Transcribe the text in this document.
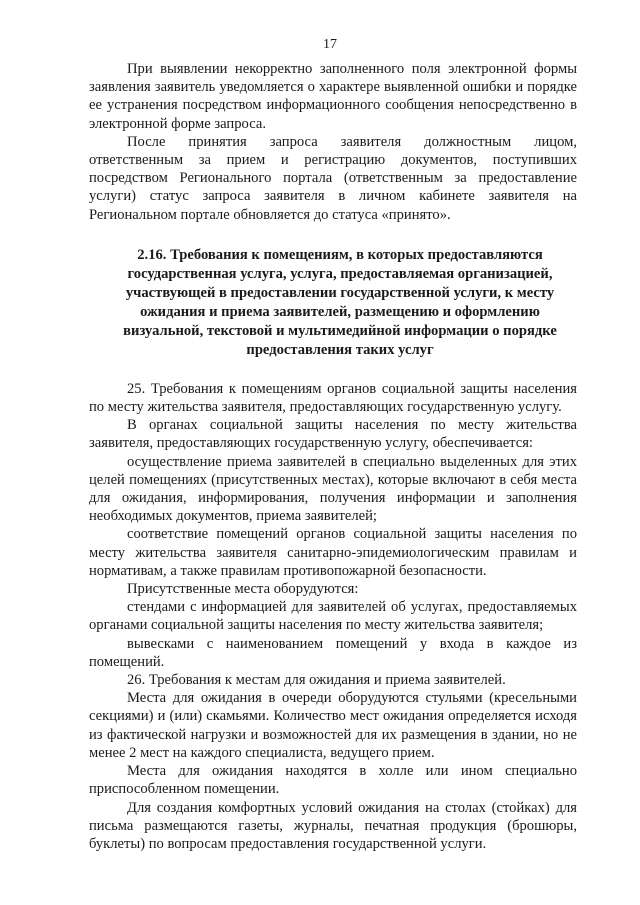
17

При выявлении некорректно заполненного поля электронной формы заявления заявитель уведомляется о характере выявленной ошибки и порядке ее устранения посредством информационного сообщения непосредственно в электронной форме запроса.

После принятия запроса заявителя должностным лицом, ответственным за прием и регистрацию документов, поступивших посредством Регионального портала (ответственным за предоставление услуги) статус запроса заявителя в личном кабинете заявителя на Региональном портале обновляется до статуса «принято».

2.16. Требования к помещениям, в которых предоставляются
государственная услуга, услуга, предоставляемая организацией,
участвующей в предоставлении государственной услуги, к месту
ожидания и приема заявителей, размещению и оформлению
визуальной, текстовой и мультимедийной информации о порядке
предоставления таких услуг

25. Требования к помещениям органов социальной защиты населения по месту жительства заявителя, предоставляющих государственную услугу.

В органах социальной защиты населения по месту жительства заявителя, предоставляющих государственную услугу, обеспечивается:

осуществление приема заявителей в специально выделенных для этих целей помещениях (присутственных местах), которые включают в себя места для ожидания, информирования, получения информации и заполнения необходимых документов, приема заявителей;

соответствие помещений органов социальной защиты населения по месту жительства заявителя санитарно-эпидемиологическим правилам и нормативам, а также правилам противопожарной безопасности.

Присутственные места оборудуются:

стендами с информацией для заявителей об услугах, предоставляемых органами социальной защиты населения по месту жительства заявителя;

вывесками с наименованием помещений у входа в каждое из помещений.

26. Требования к местам для ожидания и приема заявителей.

Места для ожидания в очереди оборудуются стульями (кресельными секциями) и (или) скамьями. Количество мест ожидания определяется исходя из фактической нагрузки и возможностей для их размещения в здании, но не менее 2 мест на каждого специалиста, ведущего прием.

Места для ожидания находятся в холле или ином специально приспособленном помещении.

Для создания комфортных условий ожидания на столах (стойках) для письма размещаются газеты, журналы, печатная продукция (брошюры, буклеты) по вопросам предоставления государственной услуги.
